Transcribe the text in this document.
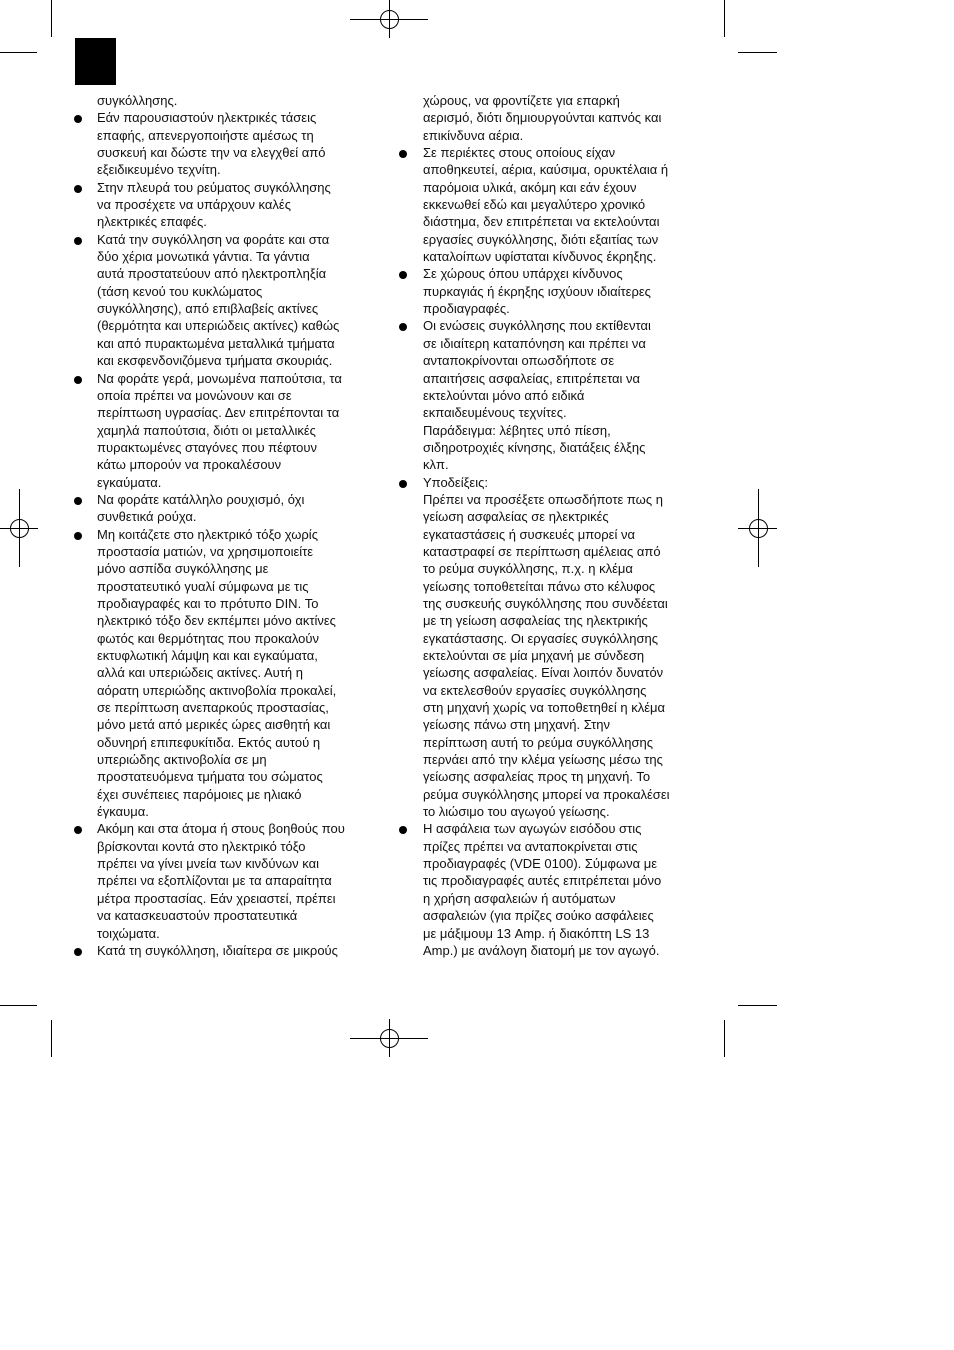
συγκόλλησης.
Εάν παρουσιαστούν ηλεκτρικές τάσεις
επαφής, απενεργοποιήστε αμέσως τη
συσκευή και δώστε την να ελεγχθεί από
εξειδικευμένο τεχνίτη.
Στην πλευρά του ρεύματος συγκόλλησης
να προσέχετε να υπάρχουν καλές
ηλεκτρικές επαφές.
Κατά την συγκόλληση να φοράτε και στα
δύο χέρια μονωτικά γάντια. Τα γάντια
αυτά προστατεύουν από ηλεκτροπληξία
(τάση κενού του κυκλώματος
συγκόλλησης), από επιβλαβείς ακτίνες
(θερμότητα και υπεριώδεις ακτίνες) καθώς
και από πυρακτωμένα μεταλλικά τμήματα
και εκσφενδονιζόμενα τμήματα σκουριάς.
Να φοράτε γερά, μονωμένα παπούτσια, τα
οποία πρέπει να μονώνουν και σε
περίπτωση υγρασίας. Δεν επιτρέπονται τα
χαμηλά παπούτσια, διότι οι μεταλλικές
πυρακτωμένες σταγόνες που πέφτουν
κάτω μπορούν να προκαλέσουν
εγκαύματα.
Να φοράτε κατάλληλο ρουχισμό, όχι
συνθετικά ρούχα.
Μη κοιτάζετε στο ηλεκτρικό τόξο χωρίς
προστασία ματιών, να χρησιμοποιείτε
μόνο ασπίδα συγκόλλησης με
προστατευτικό γυαλί σύμφωνα με τις
προδιαγραφές και το πρότυπο DIN. Το
ηλεκτρικό τόξο δεν εκπέμπει μόνο ακτίνες
φωτός και θερμότητας που προκαλούν
εκτυφλωτική λάμψη και και εγκαύματα,
αλλά και υπεριώδεις ακτίνες. Αυτή η
αόρατη υπεριώδης ακτινοβολία προκαλεί,
σε περίπτωση ανεπαρκούς προστασίας,
μόνο μετά από μερικές ώρες αισθητή και
οδυνηρή επιπεφυκίτιδα. Εκτός αυτού η
υπεριώδης ακτινοβολία σε μη
προστατευόμενα τμήματα του σώματος
έχει συνέπειες παρόμοιες με ηλιακό
έγκαυμα.
Ακόμη και στα άτομα ή στους βοηθούς που
βρίσκονται κοντά στο ηλεκτρικό τόξο
πρέπει να γίνει μνεία των κινδύνων και
πρέπει να εξοπλίζονται με τα απαραίτητα
μέτρα προστασίας. Εάν χρειαστεί, πρέπει
να κατασκευαστούν προστατευτικά
τοιχώματα.
Κατά τη συγκόλληση, ιδιαίτερα σε μικρούς
χώρους, να φροντίζετε για επαρκή
αερισμό, διότι δημιουργούνται καπνός και
επικίνδυνα αέρια.
Σε περιέκτες στους οποίους είχαν
αποθηκευτεί, αέρια, καύσιμα, ορυκτέλαια ή
παρόμοια υλικά, ακόμη και εάν έχουν
εκκενωθεί εδώ και μεγαλύτερο χρονικό
διάστημα, δεν επιτρέπεται να εκτελούνται
εργασίες συγκόλλησης, διότι εξαιτίας των
καταλοίπων υφίσταται κίνδυνος έκρηξης.
Σε χώρους όπου υπάρχει κίνδυνος
πυρκαγιάς ή έκρηξης ισχύουν ιδιαίτερες
προδιαγραφές.
Οι ενώσεις συγκόλλησης που εκτίθενται
σε ιδιαίτερη καταπόνηση και πρέπει να
ανταποκρίνονται οπωσδήποτε σε
απαιτήσεις ασφαλείας, επιτρέπεται να
εκτελούνται μόνο από ειδικά
εκπαιδευμένους τεχνίτες.
Παράδειγμα: λέβητες υπό πίεση,
σιδηροτροχιές κίνησης, διατάξεις έλξης
κλπ.
Υποδείξεις:
Πρέπει να προσέξετε οπωσδήποτε πως η
γείωση ασφαλείας σε ηλεκτρικές
εγκαταστάσεις ή συσκευές μπορεί να
καταστραφεί σε περίπτωση αμέλειας από
το ρεύμα συγκόλλησης, π.χ. η κλέμα
γείωσης τοποθετείται πάνω στο κέλυφος
της συσκευής συγκόλλησης που συνδέεται
με τη γείωση ασφαλείας της ηλεκτρικής
εγκατάστασης. Οι εργασίες συγκόλλησης
εκτελούνται σε μία μηχανή με σύνδεση
γείωσης ασφαλείας. Είναι λοιπόν δυνατόν
να εκτελεσθούν εργασίες συγκόλλησης
στη μηχανή χωρίς να τοποθετηθεί η κλέμα
γείωσης πάνω στη μηχανή. Στην
περίπτωση αυτή το ρεύμα συγκόλλησης
περνάει από την κλέμα γείωσης μέσω της
γείωσης ασφαλείας προς τη μηχανή. Το
ρεύμα συγκόλλησης μπορεί να προκαλέσει
το λιώσιμο του αγωγού γείωσης.
Η ασφάλεια των αγωγών εισόδου στις
πρίζες πρέπει να ανταποκρίνεται στις
προδιαγραφές (VDE 0100). Σύμφωνα με
τις προδιαγραφές αυτές επιτρέπεται μόνο
η χρήση ασφαλειών ή αυτόματων
ασφαλειών (για πρίζες σούκο ασφάλειες
με μάξιμουμ 13 Amp. ή διακόπτη LS 13
Amp.) με ανάλογη διατομή με τον αγωγό.
